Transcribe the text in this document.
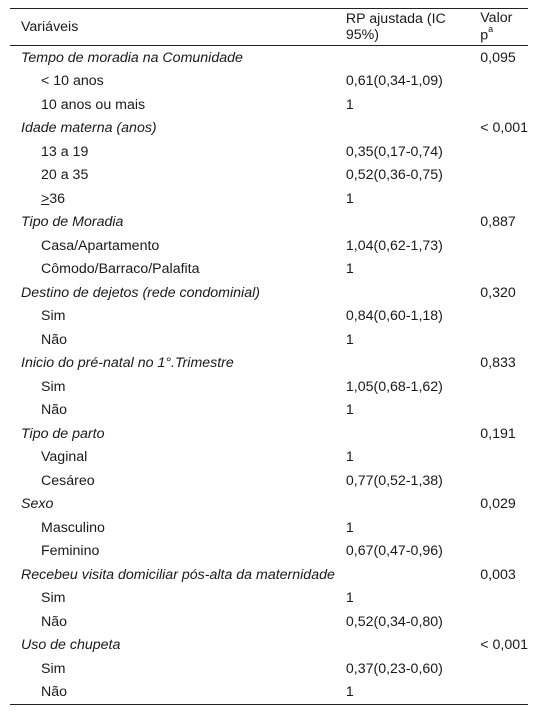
Variáveis	RP ajustada (IC 95%)	Valor $p^a$
Tempo de moradia na Comunidade		0,095
< 10 anos	0,61(0,34-1,09)	
10 anos ou mais	1	
Idade materna (anos)		< 0,001
13 a 19	0,35(0,17-0,74)	
20 a 35	0,52(0,36-0,75)	
≥36	1	
Tipo de Moradia		0,887
Casa/Apartamento	1,04(0,62-1,73)	
Cômodo/Barraco/Palafita	1	
Destino de dejetos (rede condominial)		0,320
Sim	0,84(0,60-1,18)	
Não	1	
Inicio do pré-natal no 1°.Trimestre		0,833
Sim	1,05(0,68-1,62)	
Não	1	
Tipo de parto		0,191
Vaginal	1	
Cesáreo	0,77(0,52-1,38)	
Sexo		0,029
Masculino	1	
Feminino	0,67(0,47-0,96)	
Recebeu visita domiciliar pós-alta da maternidade		0,003
Sim	1	
Não	0,52(0,34-0,80)	
Uso de chupeta		< 0,001
Sim	0,37(0,23-0,60)	
Não	1	
